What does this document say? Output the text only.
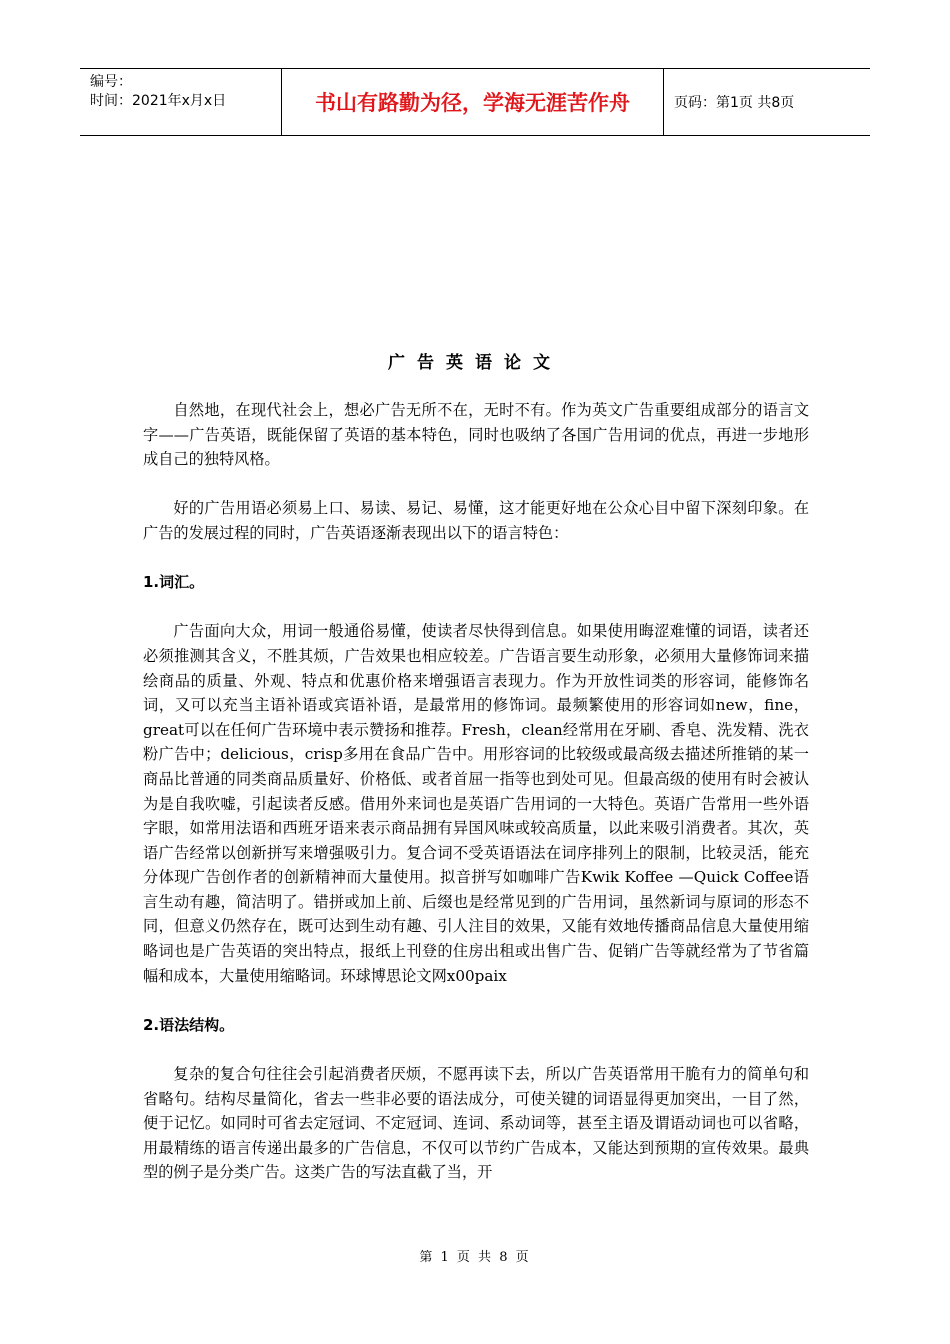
编号：
时间：2021年x月x日	书山有路勤为径，学海无涯苦作舟	页码：第1页 共8页
广告英语论文

自然地，在现代社会上，想必广告无所不在，无时不有。作为英文广告重要组成部分的语言文字——广告英语，既能保留了英语的基本特色，同时也吸纳了各国广告用词的优点，再进一步地形成自己的独特风格。

好的广告用语必须易上口、易读、易记、易懂，这才能更好地在公众心目中留下深刻印象。在广告的发展过程的同时，广告英语逐渐表现出以下的语言特色：

1.词汇。

广告面向大众，用词一般通俗易懂，使读者尽快得到信息。如果使用晦涩难懂的词语，读者还必须推测其含义，不胜其烦，广告效果也相应较差。广告语言要生动形象，必须用大量修饰词来描绘商品的质量、外观、特点和优惠价格来增强语言表现力。作为开放性词类的形容词，能修饰名词，又可以充当主语补语或宾语补语，是最常用的修饰词。最频繁使用的形容词如new，fine，great可以在任何广告环境中表示赞扬和推荐。Fresh，clean经常用在牙刷、香皂、洗发精、洗衣粉广告中；delicious，crisp多用在食品广告中。用形容词的比较级或最高级去描述所推销的某一商品比普通的同类商品质量好、价格低、或者首屈一指等也到处可见。但最高级的使用有时会被认为是自我吹嘘，引起读者反感。借用外来词也是英语广告用词的一大特色。英语广告常用一些外语字眼，如常用法语和西班牙语来表示商品拥有异国风味或较高质量，以此来吸引消费者。其次，英语广告经常以创新拼写来增强吸引力。复合词不受英语语法在词序排列上的限制，比较灵活，能充分体现广告创作者的创新精神而大量使用。拟音拼写如咖啡广告Kwik Koffee —Quick Coffee语言生动有趣，简洁明了。错拼或加上前、后缀也是经常见到的广告用词，虽然新词与原词的形态不同，但意义仍然存在，既可达到生动有趣、引人注目的效果，又能有效地传播商品信息大量使用缩略词也是广告英语的突出特点，报纸上刊登的住房出租或出售广告、促销广告等就经常为了节省篇幅和成本，大量使用缩略词。环球博思论文网x00paix

2.语法结构。

复杂的复合句往往会引起消费者厌烦，不愿再读下去，所以广告英语常用干脆有力的简单句和省略句。结构尽量简化，省去一些非必要的语法成分，可使关键的词语显得更加突出，一目了然，便于记忆。如同时可省去定冠词、不定冠词、连词、系动词等，甚至主语及谓语动词也可以省略，用最精练的语言传递出最多的广告信息，不仅可以节约广告成本，又能达到预期的宣传效果。最典型的例子是分类广告。这类广告的写法直截了当，开

第 1 页 共 8 页
